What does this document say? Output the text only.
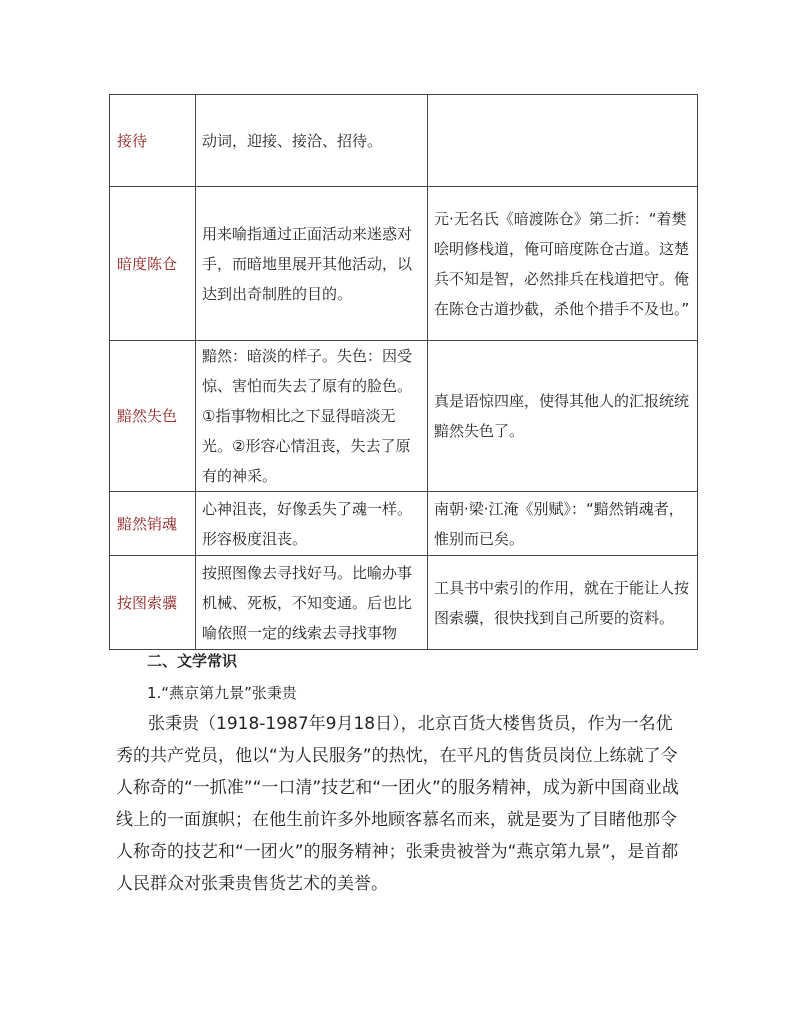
接待	动词，迎接、接洽、招待。	
暗度陈仓	用来喻指通过正面活动来迷惑对手，而暗地里展开其他活动，以达到出奇制胜的目的。	元·无名氏《暗渡陈仓》第二折：“着樊哙明修栈道，俺可暗度陈仓古道。这楚兵不知是智，必然排兵在栈道把守。俺在陈仓古道抄截，杀他个措手不及也。”
黯然失色	黯然：暗淡的样子。失色：因受惊、害怕而失去了原有的脸色。①指事物相比之下显得暗淡无光。②形容心情沮丧，失去了原有的神采。	真是语惊四座，使得其他人的汇报统统黯然失色了。
黯然销魂	心神沮丧，好像丢失了魂一样。形容极度沮丧。	南朝·梁·江淹《别赋》：“黯然销魂者，惟别而已矣。
按图索骥	按照图像去寻找好马。比喻办事机械、死板，不知变通。后也比喻依照一定的线索去寻找事物	工具书中索引的作用，就在于能让人按图索骥，很快找到自己所要的资料。
二、文学常识
1.“燕京第九景”张秉贵

张秉贵（1918-1987年9月18日），北京百货大楼售货员，作为一名优秀的共产党员，他以“为人民服务”的热忱，在平凡的售货员岗位上练就了令人称奇的“一抓准”“一口清”技艺和“一团火”的服务精神，成为新中国商业战线上的一面旗帜；在他生前许多外地顾客慕名而来，就是要为了目睹他那令人称奇的技艺和“一团火”的服务精神；张秉贵被誉为“燕京第九景”，是首都人民群众对张秉贵售货艺术的美誉。
